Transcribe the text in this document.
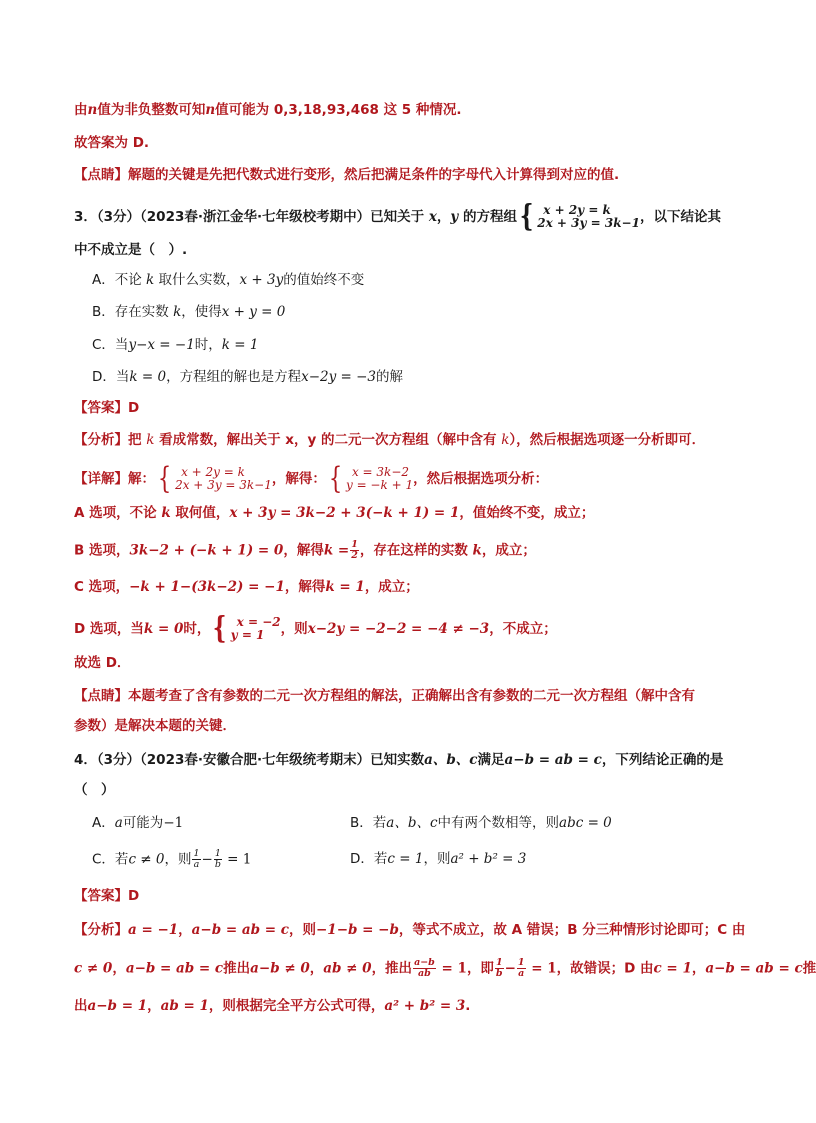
由n值为非负整数可知n值可能为 0,3,18,93,468 这 5 种情况.
故答案为 D.
【点睛】解题的关键是先把代数式进行变形，然后把满足条件的字母代入计算得到对应的值.
3．（3分）（2023春·浙江金华·七年级校考期中）已知关于 x，y 的方程组 { x + 2y = k
2x + 3y = 3k−1 ，以下结论其
中不成立是（　）.
A．不论 k 取什么实数，x + 3y的值始终不变
B．存在实数 k，使得x + y = 0
C．当y−x = −1时，k = 1
D．当k = 0，方程组的解也是方程x−2y = −3的解
【答案】D
【分析】把 k 看成常数，解出关于 x，y 的二元一次方程组（解中含有 k），然后根据选项逐一分析即可．
【详解】解： { x + 2y = k
2x + 3y = 3k−1 ，解得： { x = 3k−2
y = −k + 1 ，然后根据选项分析：
A 选项，不论 k 取何值，x + 3y = 3k−2 + 3(−k + 1) = 1，值始终不变，成立；
B 选项，3k−2 + (−k + 1) = 0，解得$k = \frac{1}{2}$ ，存在这样的实数 k，成立；
C 选项，−k + 1−(3k−2) = −1，解得k = 1，成立；
D 选项，当k = 0时， { x = −2
y = 1	，则x−2y = −2−2 = −4 ≠ −3，不成立；
故选 D．
【点睛】本题考查了含有参数的二元一次方程组的解法，正确解出含有参数的二元一次方程组（解中含有
参数）是解决本题的关键．
4．（3分）（2023春·安徽合肥·七年级统考期末）已知实数a、b、c满足a−b = ab = c，下列结论正确的是
（　）
A．a可能为−1	B．若a、b、c中有两个数相等，则abc = 0
C．若c ≠ 0，则 $\frac{1}{a} - \frac{1}{b} = 1$	D．若c = 1，则a² + b² = 3
【答案】D
【分析】a = −1，a−b = ab = c，则−1−b = −b，等式不成立，故 A 错误；B 分三种情形讨论即可；C 由
c ≠ 0，a−b = ab = c推出a−b ≠ 0，ab ≠ 0，推出 $\frac{a-b}{ab} = 1$，即 $\frac{1}{b} - \frac{1}{a} = 1$，故错误；D 由c = 1，a−b = ab = c推
出a−b = 1，ab = 1，则根据完全平方公式可得，a² + b² = 3.
